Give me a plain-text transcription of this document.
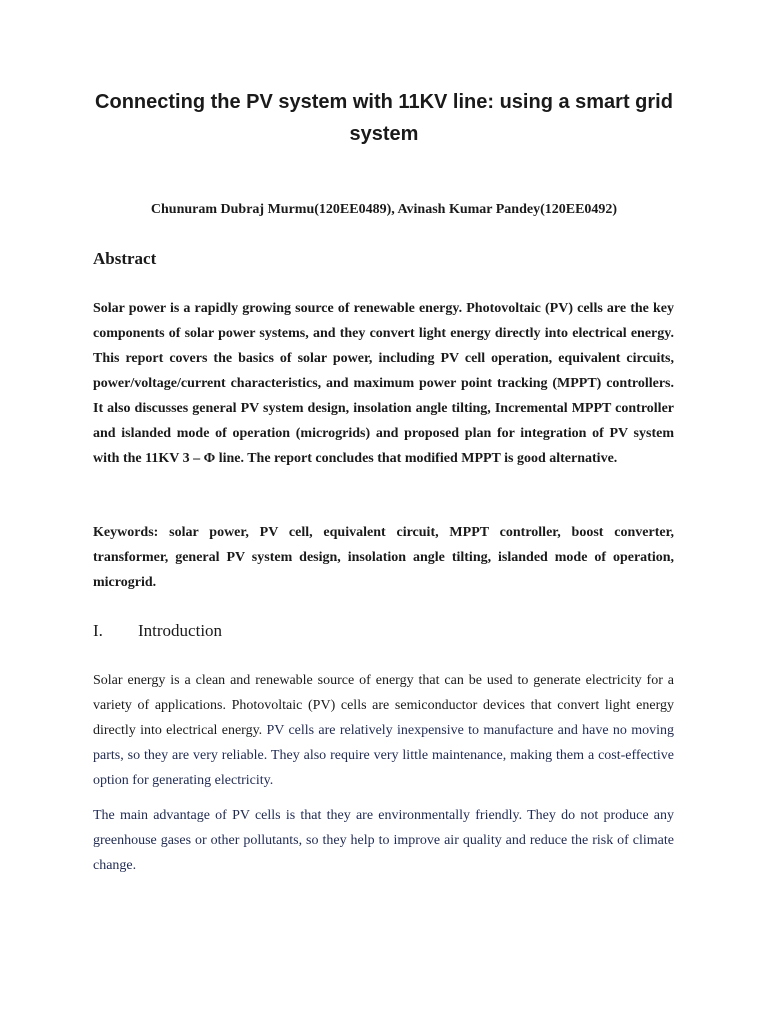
Connecting the PV system with 11KV line: using a smart grid system

Chunuram Dubraj Murmu(120EE0489), Avinash Kumar Pandey(120EE0492)

Abstract

Solar power is a rapidly growing source of renewable energy. Photovoltaic (PV) cells are the key components of solar power systems, and they convert light energy directly into electrical energy. This report covers the basics of solar power, including PV cell operation, equivalent circuits, power/voltage/current characteristics, and maximum power point tracking (MPPT) controllers. It also discusses general PV system design, insolation angle tilting, Incremental MPPT controller and islanded mode of operation (microgrids) and proposed plan for integration of PV system with the 11KV 3 – Φ line. The report concludes that modified MPPT is good alternative.

Keywords: solar power, PV cell, equivalent circuit, MPPT controller, boost converter, transformer, general PV system design, insolation angle tilting, islanded mode of operation, microgrid.

I. Introduction

Solar energy is a clean and renewable source of energy that can be used to generate electricity for a variety of applications. Photovoltaic (PV) cells are semiconductor devices that convert light energy directly into electrical energy. PV cells are relatively inexpensive to manufacture and have no moving parts, so they are very reliable. They also require very little maintenance, making them a cost-effective option for generating electricity.

The main advantage of PV cells is that they are environmentally friendly. They do not produce any greenhouse gases or other pollutants, so they help to improve air quality and reduce the risk of climate change.
